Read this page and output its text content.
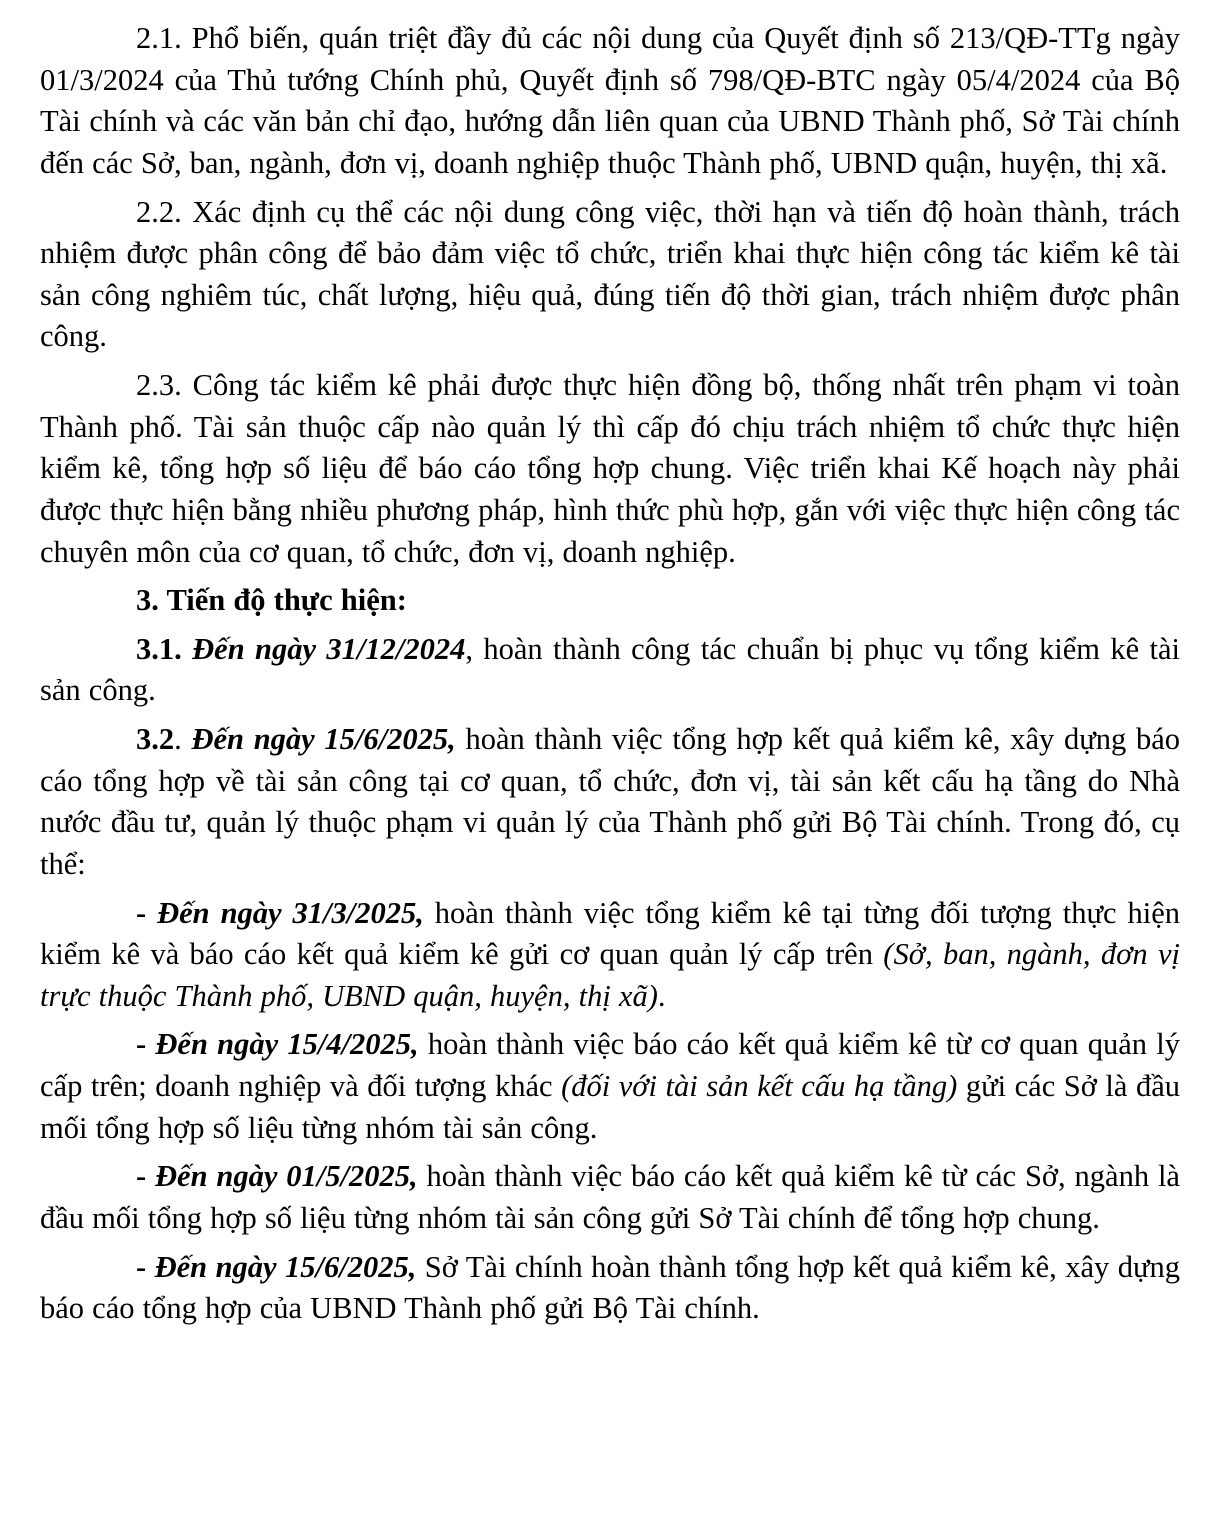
2.1. Phổ biến, quán triệt đầy đủ các nội dung của Quyết định số 213/QĐ-TTg ngày 01/3/2024 của Thủ tướng Chính phủ, Quyết định số 798/QĐ-BTC ngày 05/4/2024 của Bộ Tài chính và các văn bản chỉ đạo, hướng dẫn liên quan của UBND Thành phố, Sở Tài chính đến các Sở, ban, ngành, đơn vị, doanh nghiệp thuộc Thành phố, UBND quận, huyện, thị xã.

2.2. Xác định cụ thể các nội dung công việc, thời hạn và tiến độ hoàn thành, trách nhiệm được phân công để bảo đảm việc tổ chức, triển khai thực hiện công tác kiểm kê tài sản công nghiêm túc, chất lượng, hiệu quả, đúng tiến độ thời gian, trách nhiệm được phân công.

2.3. Công tác kiểm kê phải được thực hiện đồng bộ, thống nhất trên phạm vi toàn Thành phố. Tài sản thuộc cấp nào quản lý thì cấp đó chịu trách nhiệm tổ chức thực hiện kiểm kê, tổng hợp số liệu để báo cáo tổng hợp chung. Việc triển khai Kế hoạch này phải được thực hiện bằng nhiều phương pháp, hình thức phù hợp, gắn với việc thực hiện công tác chuyên môn của cơ quan, tổ chức, đơn vị, doanh nghiệp.

3. Tiến độ thực hiện:

3.1. Đến ngày 31/12/2024, hoàn thành công tác chuẩn bị phục vụ tổng kiểm kê tài sản công.

3.2. Đến ngày 15/6/2025, hoàn thành việc tổng hợp kết quả kiểm kê, xây dựng báo cáo tổng hợp về tài sản công tại cơ quan, tổ chức, đơn vị, tài sản kết cấu hạ tầng do Nhà nước đầu tư, quản lý thuộc phạm vi quản lý của Thành phố gửi Bộ Tài chính. Trong đó, cụ thể:

- Đến ngày 31/3/2025, hoàn thành việc tổng kiểm kê tại từng đối tượng thực hiện kiểm kê và báo cáo kết quả kiểm kê gửi cơ quan quản lý cấp trên (Sở, ban, ngành, đơn vị trực thuộc Thành phố, UBND quận, huyện, thị xã).

- Đến ngày 15/4/2025, hoàn thành việc báo cáo kết quả kiểm kê từ cơ quan quản lý cấp trên; doanh nghiệp và đối tượng khác (đối với tài sản kết cấu hạ tầng) gửi các Sở là đầu mối tổng hợp số liệu từng nhóm tài sản công.

- Đến ngày 01/5/2025, hoàn thành việc báo cáo kết quả kiểm kê từ các Sở, ngành là đầu mối tổng hợp số liệu từng nhóm tài sản công gửi Sở Tài chính để tổng hợp chung.

- Đến ngày 15/6/2025, Sở Tài chính hoàn thành tổng hợp kết quả kiểm kê, xây dựng báo cáo tổng hợp của UBND Thành phố gửi Bộ Tài chính.
